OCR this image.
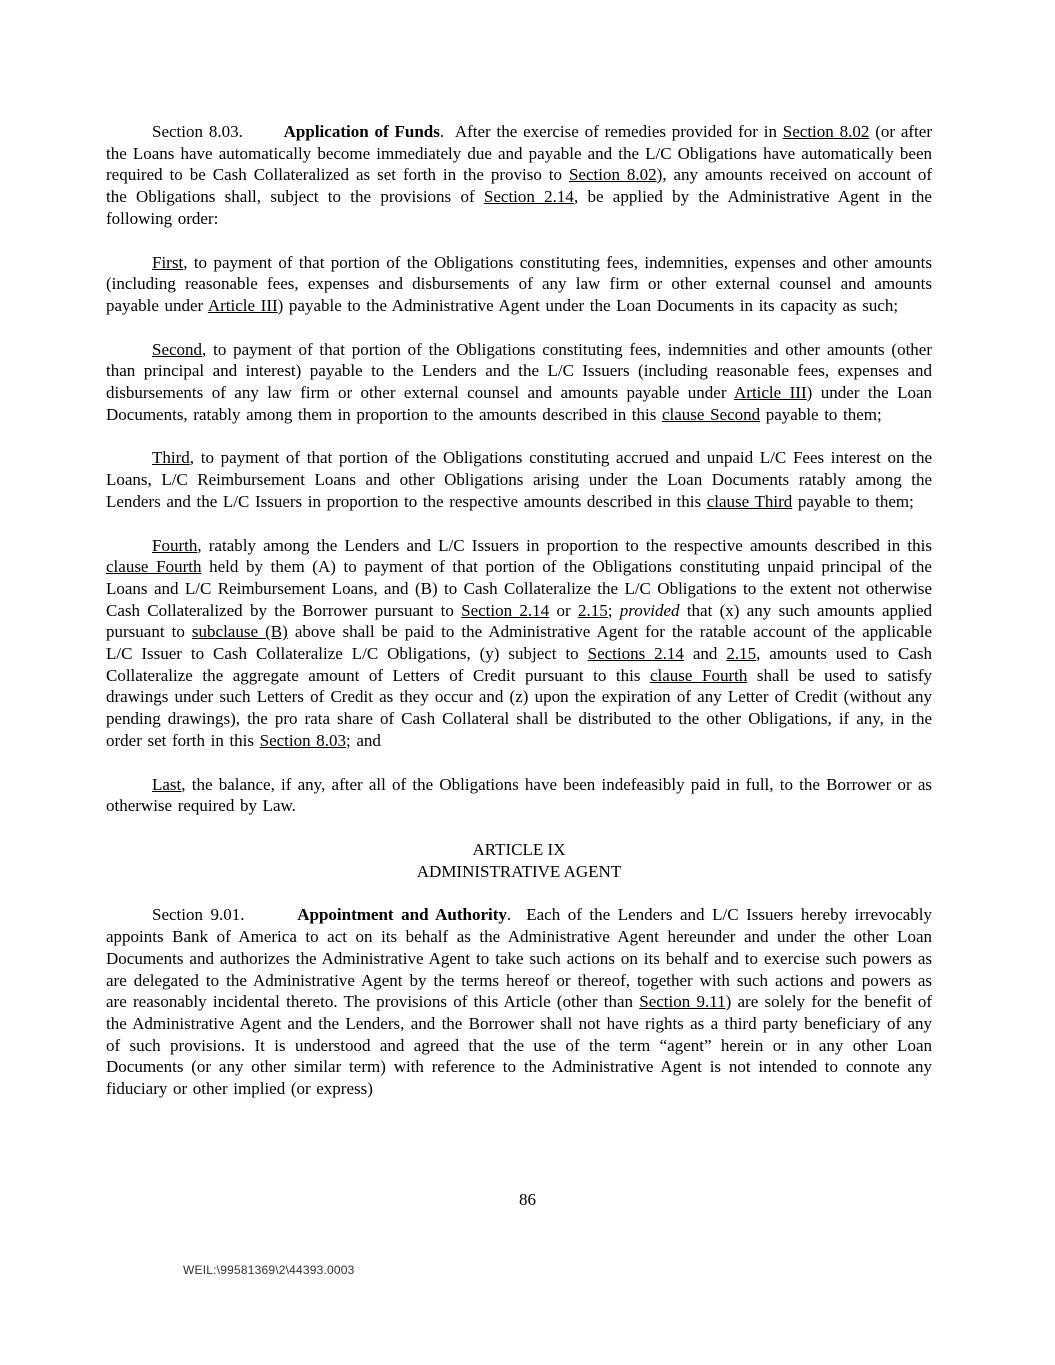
Section 8.03.       Application of Funds.  After the exercise of remedies provided for in Section 8.02 (or after the Loans have automatically become immediately due and payable and the L/C Obligations have automatically been required to be Cash Collateralized as set forth in the proviso to Section 8.02), any amounts received on account of the Obligations shall, subject to the provisions of Section 2.14, be applied by the Administrative Agent in the following order:

First, to payment of that portion of the Obligations constituting fees, indemnities, expenses and other amounts (including reasonable fees, expenses and disbursements of any law firm or other external counsel and amounts payable under Article III) payable to the Administrative Agent under the Loan Documents in its capacity as such;

Second, to payment of that portion of the Obligations constituting fees, indemnities and other amounts (other than principal and interest) payable to the Lenders and the L/C Issuers (including reasonable fees, expenses and disbursements of any law firm or other external counsel and amounts payable under Article III) under the Loan Documents, ratably among them in proportion to the amounts described in this clause Second payable to them;

Third, to payment of that portion of the Obligations constituting accrued and unpaid L/C Fees interest on the Loans, L/C Reimbursement Loans and other Obligations arising under the Loan Documents ratably among the Lenders and the L/C Issuers in proportion to the respective amounts described in this clause Third payable to them;

Fourth, ratably among the Lenders and L/C Issuers in proportion to the respective amounts described in this clause Fourth held by them (A) to payment of that portion of the Obligations constituting unpaid principal of the Loans and L/C Reimbursement Loans, and (B) to Cash Collateralize the L/C Obligations to the extent not otherwise Cash Collateralized by the Borrower pursuant to Section 2.14 or 2.15; provided that (x) any such amounts applied pursuant to subclause (B) above shall be paid to the Administrative Agent for the ratable account of the applicable L/C Issuer to Cash Collateralize L/C Obligations, (y) subject to Sections 2.14 and 2.15, amounts used to Cash Collateralize the aggregate amount of Letters of Credit pursuant to this clause Fourth shall be used to satisfy drawings under such Letters of Credit as they occur and (z) upon the expiration of any Letter of Credit (without any pending drawings), the pro rata share of Cash Collateral shall be distributed to the other Obligations, if any, in the order set forth in this Section 8.03; and

Last, the balance, if any, after all of the Obligations have been indefeasibly paid in full, to the Borrower or as otherwise required by Law.

ARTICLE IX
ADMINISTRATIVE AGENT

Section 9.01.       Appointment and Authority.  Each of the Lenders and L/C Issuers hereby irrevocably appoints Bank of America to act on its behalf as the Administrative Agent hereunder and under the other Loan Documents and authorizes the Administrative Agent to take such actions on its behalf and to exercise such powers as are delegated to the Administrative Agent by the terms hereof or thereof, together with such actions and powers as are reasonably incidental thereto. The provisions of this Article (other than Section 9.11) are solely for the benefit of the Administrative Agent and the Lenders, and the Borrower shall not have rights as a third party beneficiary of any of such provisions. It is understood and agreed that the use of the term “agent” herein or in any other Loan Documents (or any other similar term) with reference to the Administrative Agent is not intended to connote any fiduciary or other implied (or express)

86
WEIL:\99581369\2\44393.0003
